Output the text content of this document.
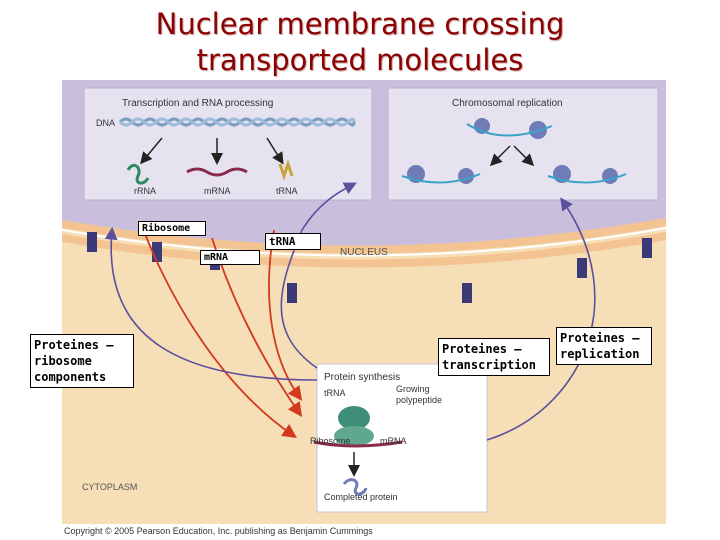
Nuclear membrane crossing
transported molecules
Transcription and RNA processing
DNA
rRNA	mRNA	tRNA
Chromosomal replication
NUCLEUS
Protein synthesis
tRNA	Growing
polypeptide
Ribosome	mRNA
Completed protein
CYTOPLASM
Ribosome
tRNA
mRNA
Proteines – ribosome components
Proteines – transcription
Proteines – replication
Copyright © 2005 Pearson Education, Inc. publishing as Benjamin Cummings
